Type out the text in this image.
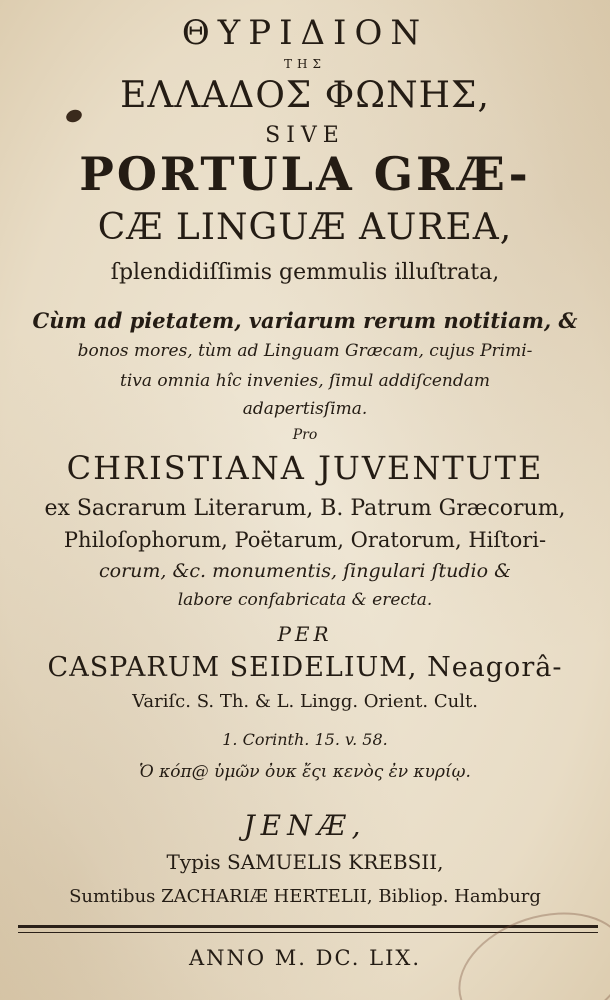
ΘΥΡΙΔΙΟΝ
ΤΗΣ
ΕΛΛΑΔΟΣ ΦΩΝΗΣ,
SIVE
PORTULA GRÆ-
CÆ LINGUÆ AUREA,
ſplendidiſſimis gemmulis illuſtrata,
Cùm ad pietatem, variarum rerum notitiam, &
bonos mores, tùm ad Linguam Græcam, cujus Primi-
tiva omnia hîc invenies, ſimul addiſcendam
adapertisſima.
Pro
CHRISTIANA JUVENTUTE
ex Sacrarum Literarum, B. Patrum Græcorum,
Philoſophorum, Poëtarum, Oratorum, Hiſtori-
corum, &c. monumentis, ſingulari ſtudio &
labore confabricata & erecta.
PER
CASPARUM SEIDELIUM, Neagorâ-
Variſc. S. Th. & L. Lingg. Orient. Cult.
1. Corinth. 15. v. 58.
Ὁ κόπ@ ὑμῶν ὀυκ ἔςι κενὸς ἐν κυρίῳ.
JENÆ,
Typis SAMUELIS KREBSII,
Sumtibus ZACHARIÆ HERTELII, Bibliop. Hamburg
ANNO M. DC. LIX.
